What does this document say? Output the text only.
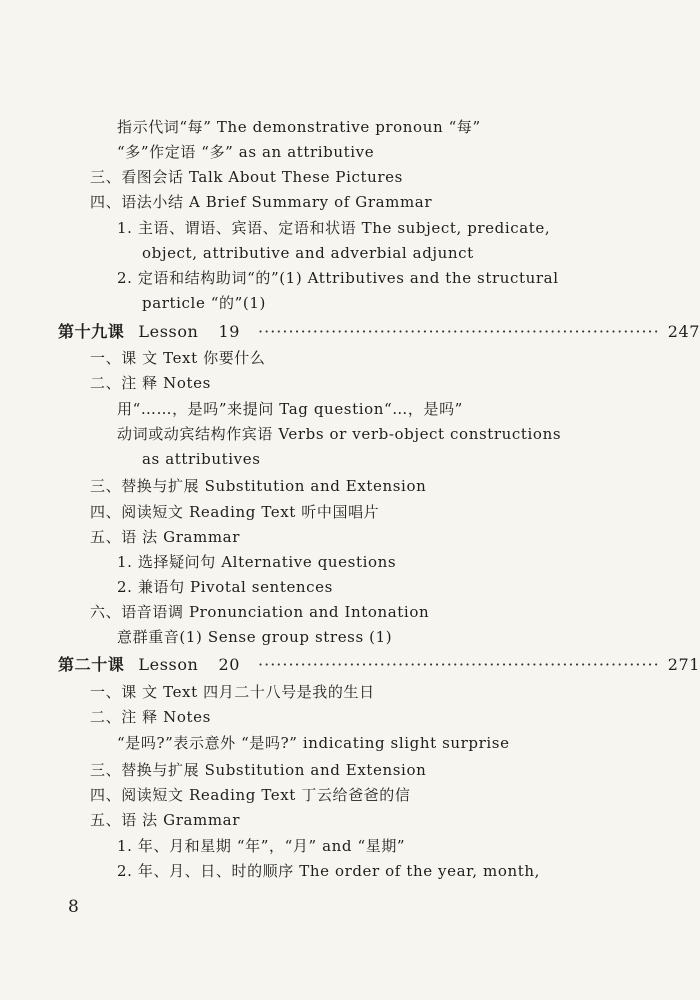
指示代词“每” The demonstrative pronoun “每”
“多”作定语 “多” as an attributive
三、看图会话 Talk About These Pictures
四、语法小结 A Brief Summary of Grammar
1. 主语、谓语、宾语、定语和状语 The subject, predicate,
object, attributive and adverbial adjunct
2. 定语和结构助词“的”(1) Attributives and the structural
particle “的”(1)
第十九课 Lesson 19 ·································································· 247
一、课 文 Text 你要什么
二、注 释 Notes
用“……，是吗”来提问 Tag question“…，是吗”
动词或动宾结构作宾语 Verbs or verb-object constructions
as attributives
三、替换与扩展 Substitution and Extension
四、阅读短文 Reading Text 听中国唱片
五、语 法 Grammar
1. 选择疑问句 Alternative questions
2. 兼语句 Pivotal sentences
六、语音语调 Pronunciation and Intonation
意群重音(1) Sense group stress (1)
第二十课 Lesson 20 ·································································· 271
一、课 文 Text 四月二十八号是我的生日
二、注 释 Notes
“是吗?”表示意外 “是吗?” indicating slight surprise
三、替换与扩展 Substitution and Extension
四、阅读短文 Reading Text 丁云给爸爸的信
五、语 法 Grammar
1. 年、月和星期 “年”，“月” and “星期”
2. 年、月、日、时的顺序 The order of the year, month,
8
